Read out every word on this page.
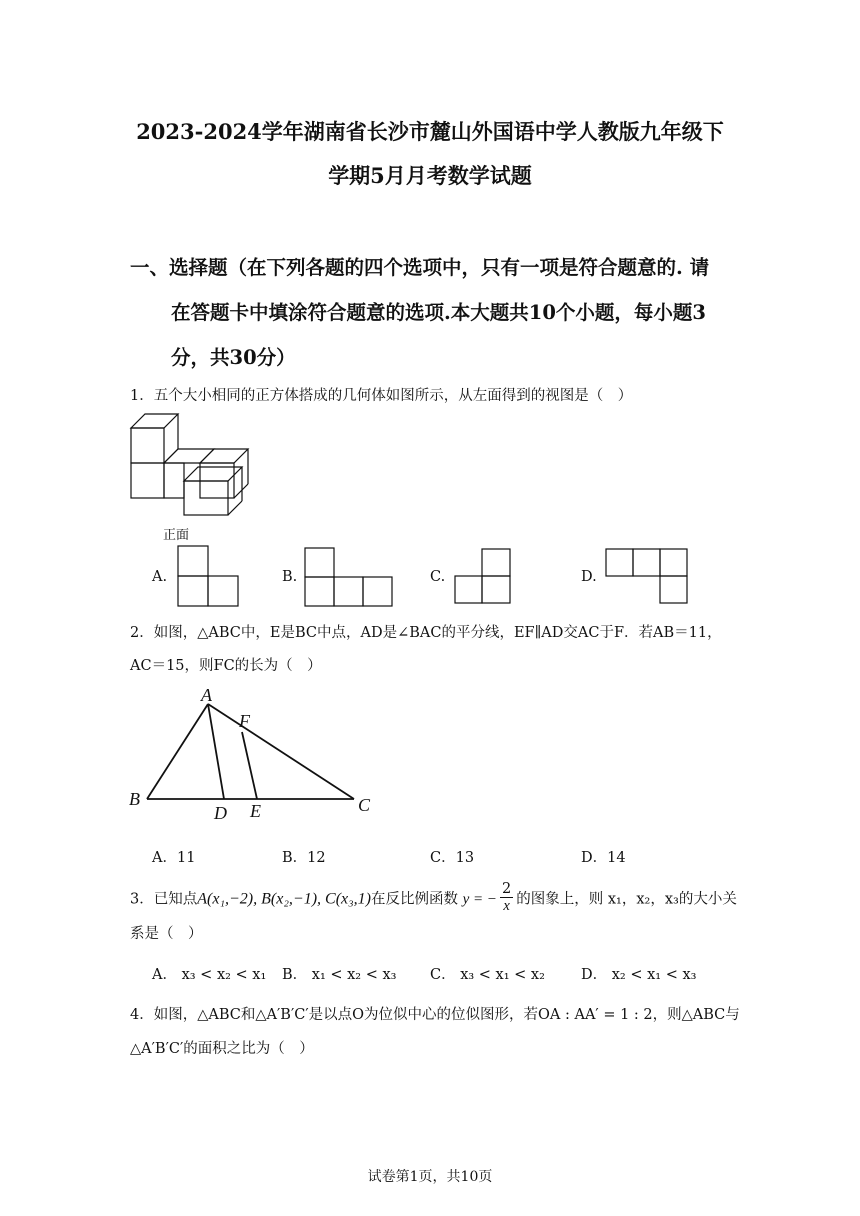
2023-2024学年湖南省长沙市麓山外国语中学人教版九年级下
学期5月月考数学试题
一、选择题（在下列各题的四个选项中，只有一项是符合题意的. 请
在答题卡中填涂符合题意的选项.本大题共10个小题，每小题3
分，共30分）
1．五个大小相同的正方体搭成的几何体如图所示，从左面得到的视图是（　）
正面
A.	B.	C.	D.
2．如图，△ABC中，E是BC中点，AD是∠BAC的平分线，EF∥AD交AC于F．若AB＝11，
AC＝15，则FC的长为（　）
A
B	C
D E
F
A．11	B．12	C．13	D．14
3．已知点A(x₁,−2), B(x₂,−1), C(x₃,1)在反比例函数 y = − $\frac{2}{x}$ 的图象上，则 x₁，x₂，x₃的大小关
系是（　）
A． x₃ < x₂ < x₁ B． x₁ < x₂ < x₃ C． x₃ < x₁ < x₂ D． x₂ < x₁ < x₃
4．如图，△ABC和△A′B′C′是以点O为位似中心的位似图形，若OA : AA′ = 1 : 2，则△ABC与
△A′B′C′的面积之比为（　）
试卷第1页，共10页
